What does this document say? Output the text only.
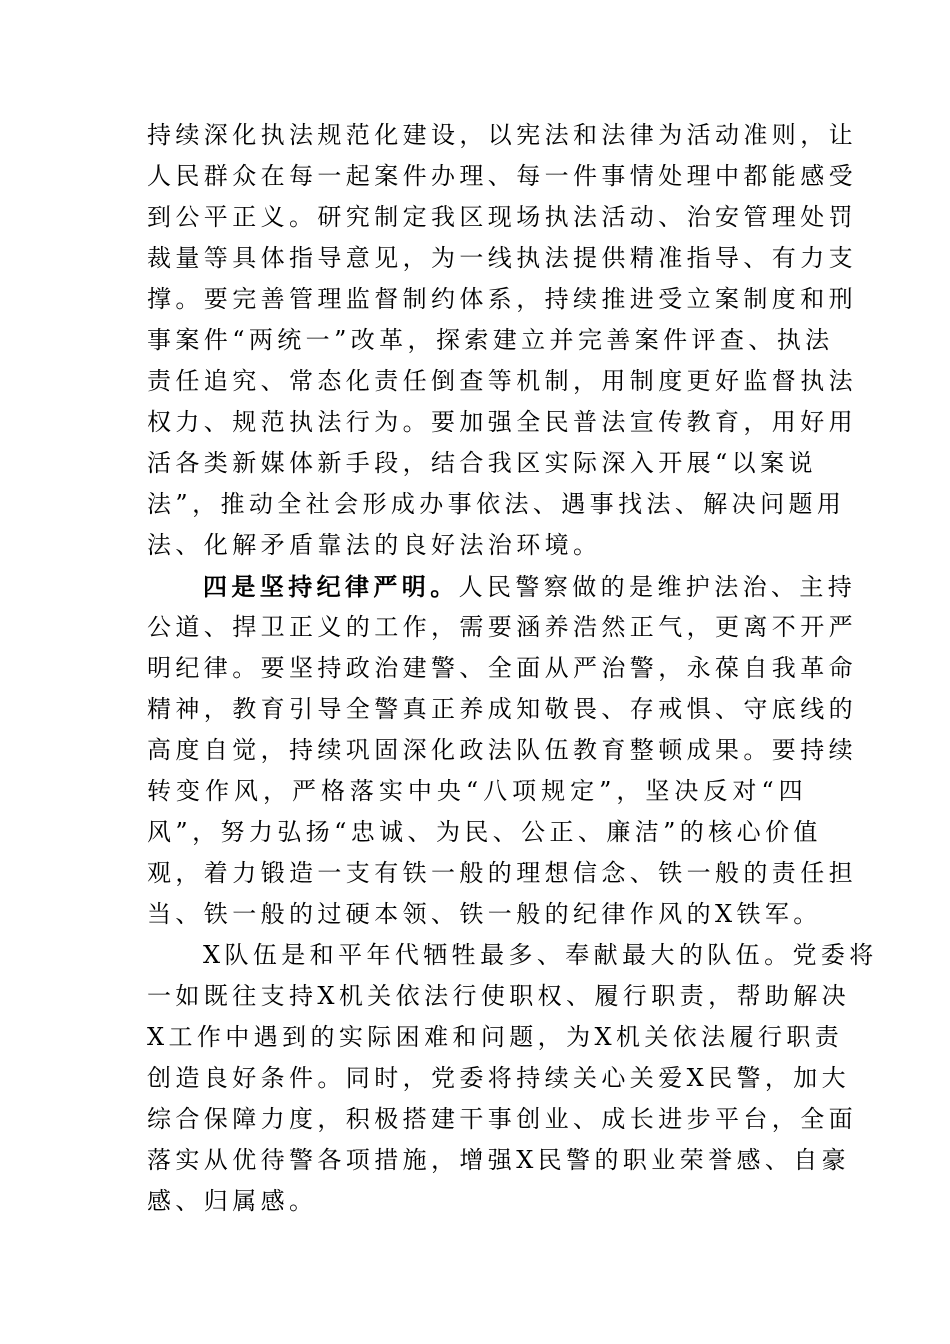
持续深化执法规范化建设，以宪法和法律为活动准则，让
人民群众在每一起案件办理、每一件事情处理中都能感受
到公平正义。研究制定我区现场执法活动、治安管理处罚
裁量等具体指导意见，为一线执法提供精准指导、有力支
撑。要完善管理监督制约体系，持续推进受立案制度和刑
事案件“两统一”改革，探索建立并完善案件评查、执法
责任追究、常态化责任倒查等机制，用制度更好监督执法
权力、规范执法行为。要加强全民普法宣传教育，用好用
活各类新媒体新手段，结合我区实际深入开展“以案说
法”，推动全社会形成办事依法、遇事找法、解决问题用
法、化解矛盾靠法的良好法治环境。
四是坚持纪律严明。人民警察做的是维护法治、主持
公道、捍卫正义的工作，需要涵养浩然正气，更离不开严
明纪律。要坚持政治建警、全面从严治警，永葆自我革命
精神，教育引导全警真正养成知敬畏、存戒惧、守底线的
高度自觉，持续巩固深化政法队伍教育整顿成果。要持续
转变作风，严格落实中央“八项规定”，坚决反对“四
风”，努力弘扬“忠诚、为民、公正、廉洁”的核心价值
观，着力锻造一支有铁一般的理想信念、铁一般的责任担
当、铁一般的过硬本领、铁一般的纪律作风的X铁军。
X队伍是和平年代牺牲最多、奉献最大的队伍。党委将
一如既往支持X机关依法行使职权、履行职责，帮助解决
X工作中遇到的实际困难和问题，为X机关依法履行职责
创造良好条件。同时，党委将持续关心关爱X民警，加大
综合保障力度，积极搭建干事创业、成长进步平台，全面
落实从优待警各项措施，增强X民警的职业荣誉感、自豪
感、归属感。
